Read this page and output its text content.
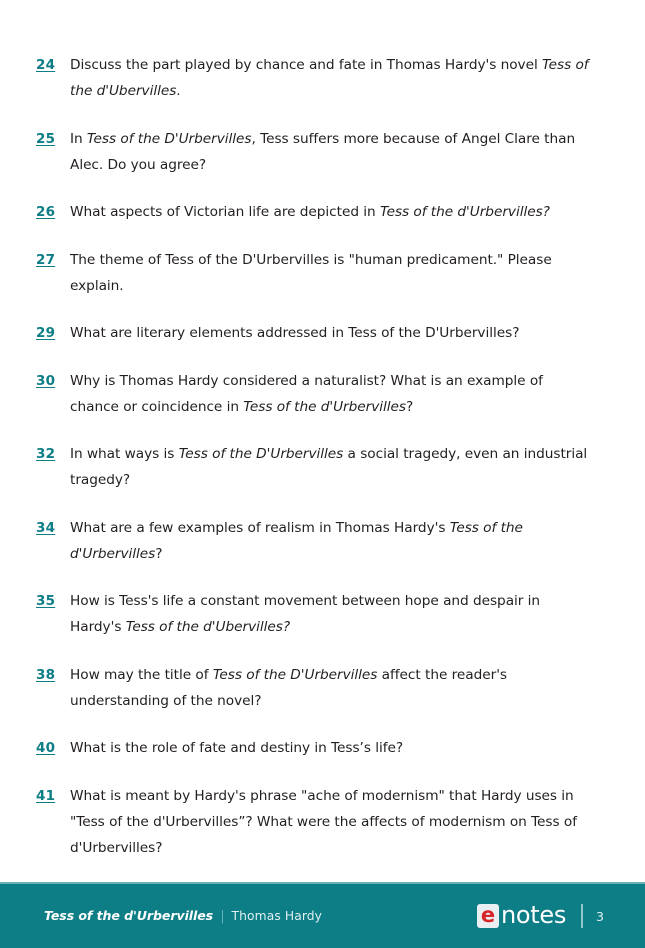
24	Discuss the part played by chance and fate in Thomas Hardy's novel Tess of the d'Ubervilles.
25	In Tess of the D'Urbervilles, Tess suffers more because of Angel Clare than Alec. Do you agree?
26	What aspects of Victorian life are depicted in Tess of the d'Urbervilles?
27	The theme of Tess of the D'Urbervilles is "human predicament." Please explain.
29	What are literary elements addressed in Tess of the D'Urbervilles?
30	Why is Thomas Hardy considered a naturalist? What is an example of chance or coincidence in Tess of the d'Urbervilles?
32	In what ways is Tess of the D'Urbervilles a social tragedy, even an industrial tragedy?
34	What are a few examples of realism in Thomas Hardy's Tess of the d'Urbervilles?
35	How is Tess's life a constant movement between hope and despair in Hardy's Tess of the d'Ubervilles?
38	How may the title of Tess of the D'Urbervilles affect the reader's understanding of the novel?
40	What is the role of fate and destiny in Tess’s life?
41	What is meant by Hardy's phrase "ache of modernism" that Hardy uses in "Tess of the d'Urbervilles”? What were the affects of modernism on Tess of d'Urbervilles?
Tess of the d'Urbervilles | Thomas Hardy	e notes 3
